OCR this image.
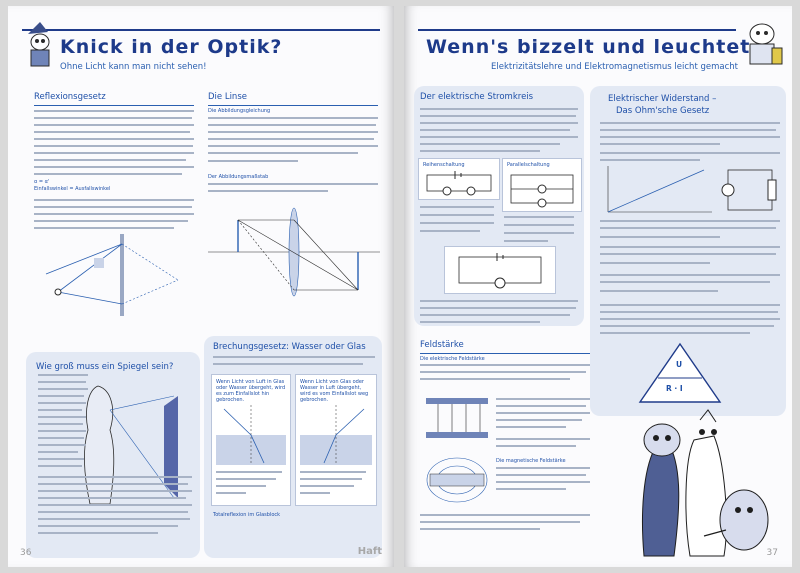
Knick in der Optik?
Ohne Licht kann man nicht sehen!
Reflexionsgesetz
α = α'
Einfallswinkel = Ausfallswinkel
Die Linse
Die Abbildungsgleichung
Der Abbildungsmaßstab
Wie groß muss ein Spiegel sein?
Brechungsgesetz: Wasser oder Glas
Wenn Licht von Luft in Glas oder Wasser übergeht, wird es zum Einfallslot hin gebrochen.
Wenn Licht von Glas oder Wasser in Luft übergeht, wird es vom Einfallslot weg gebrochen.
Totalreflexion im Glasblock
36	Haft
Wenn's bizzelt und leuchtet
Elektrizitätslehre und Elektromagnetismus leicht gemacht
Der elektrische Stromkreis
Reihenschaltung	Parallelschaltung
Elektrischer Widerstand –
Das Ohm'sche Gesetz
U
R · I
Feldstärke
Die elektrische Feldstärke
Die magnetische Feldstärke
37
